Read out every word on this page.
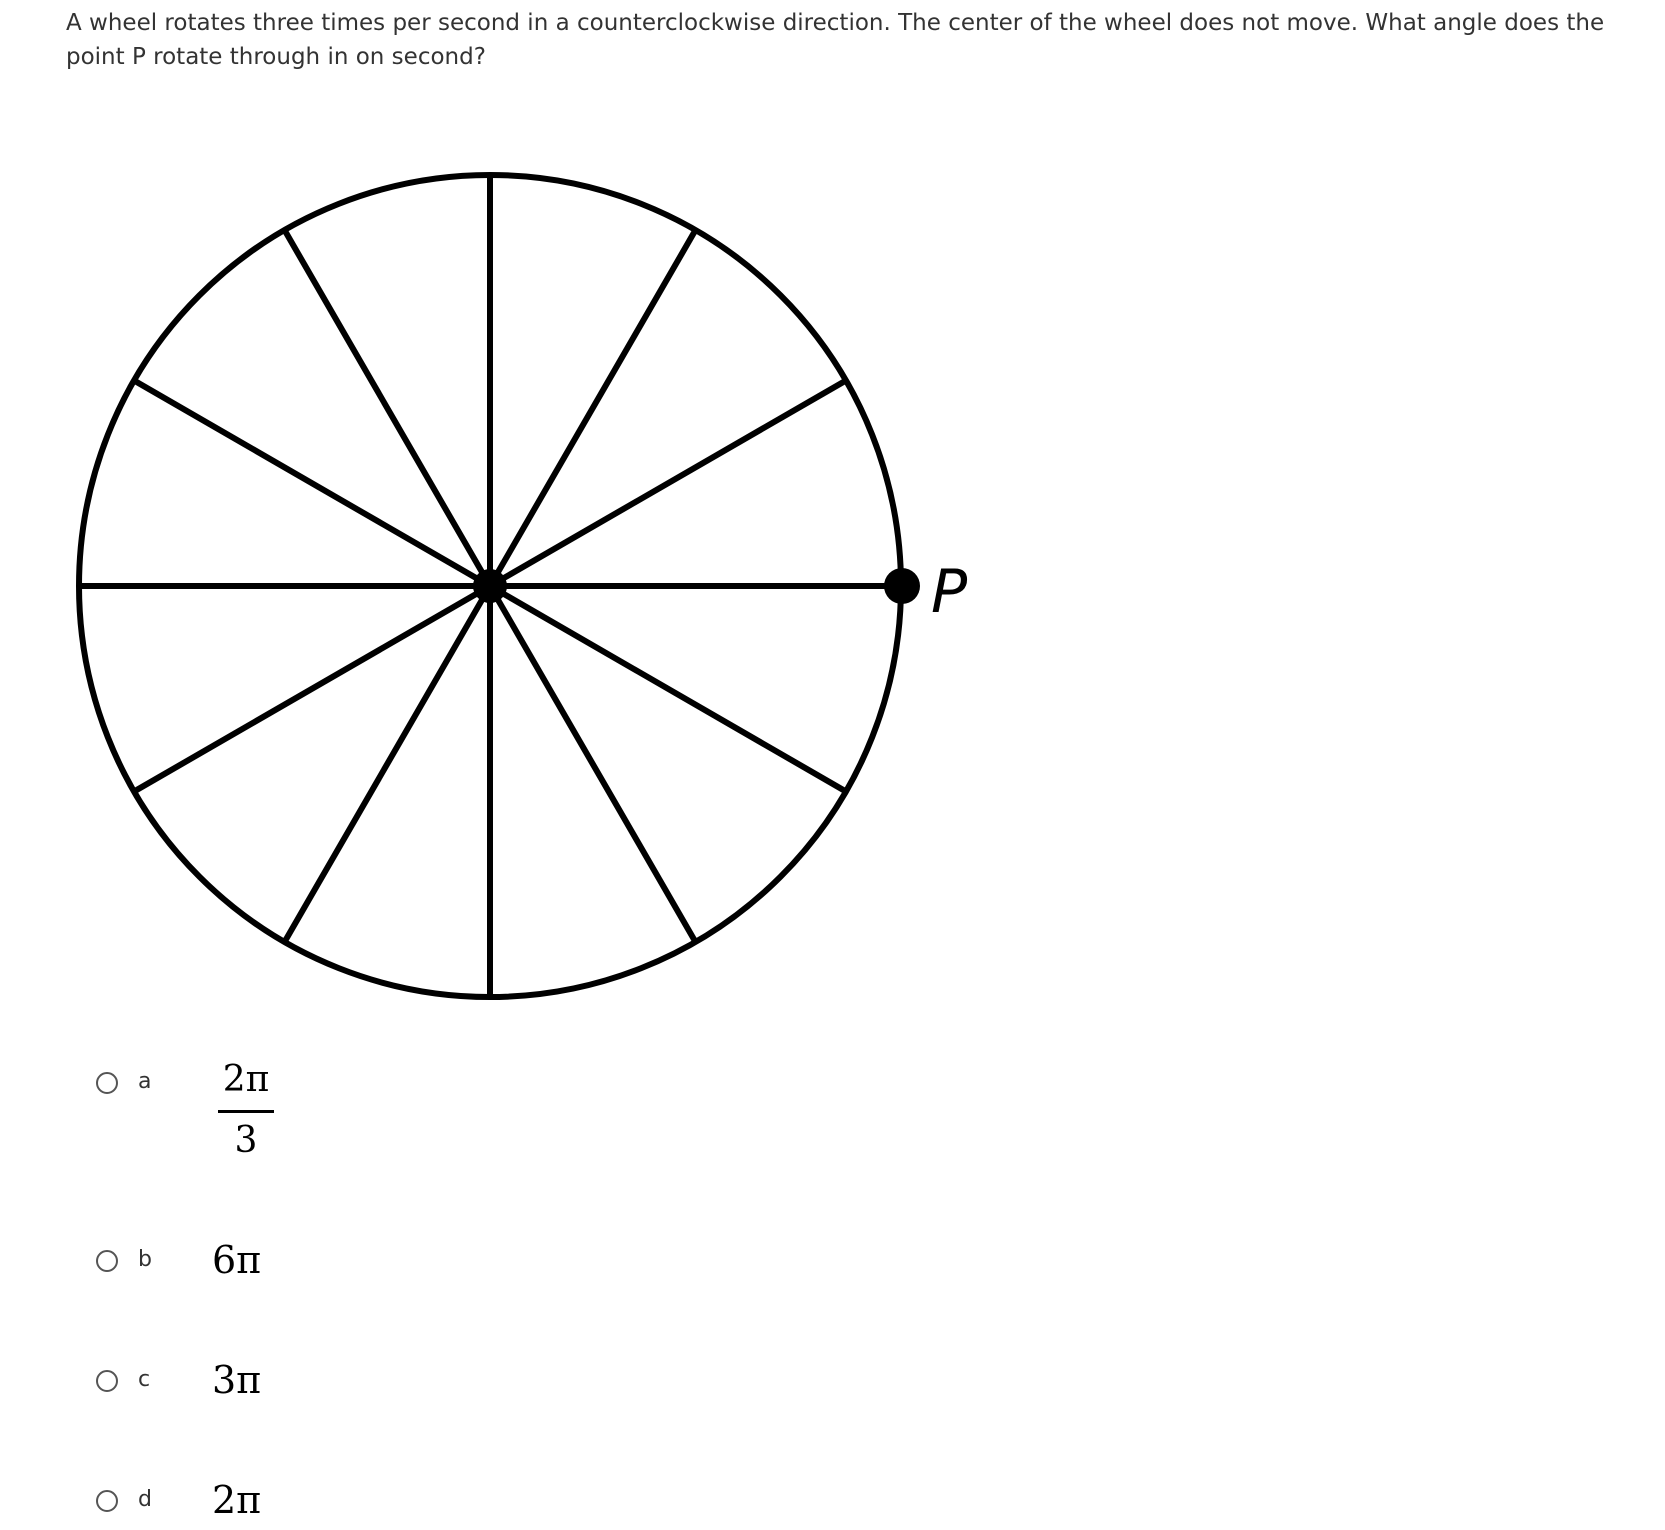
A wheel rotates three times per second in a counterclockwise direction. The center of the wheel does not move. What angle does the point P rotate through in on second?
P
a 2π
3
b 6π
c 3π
d 2π
